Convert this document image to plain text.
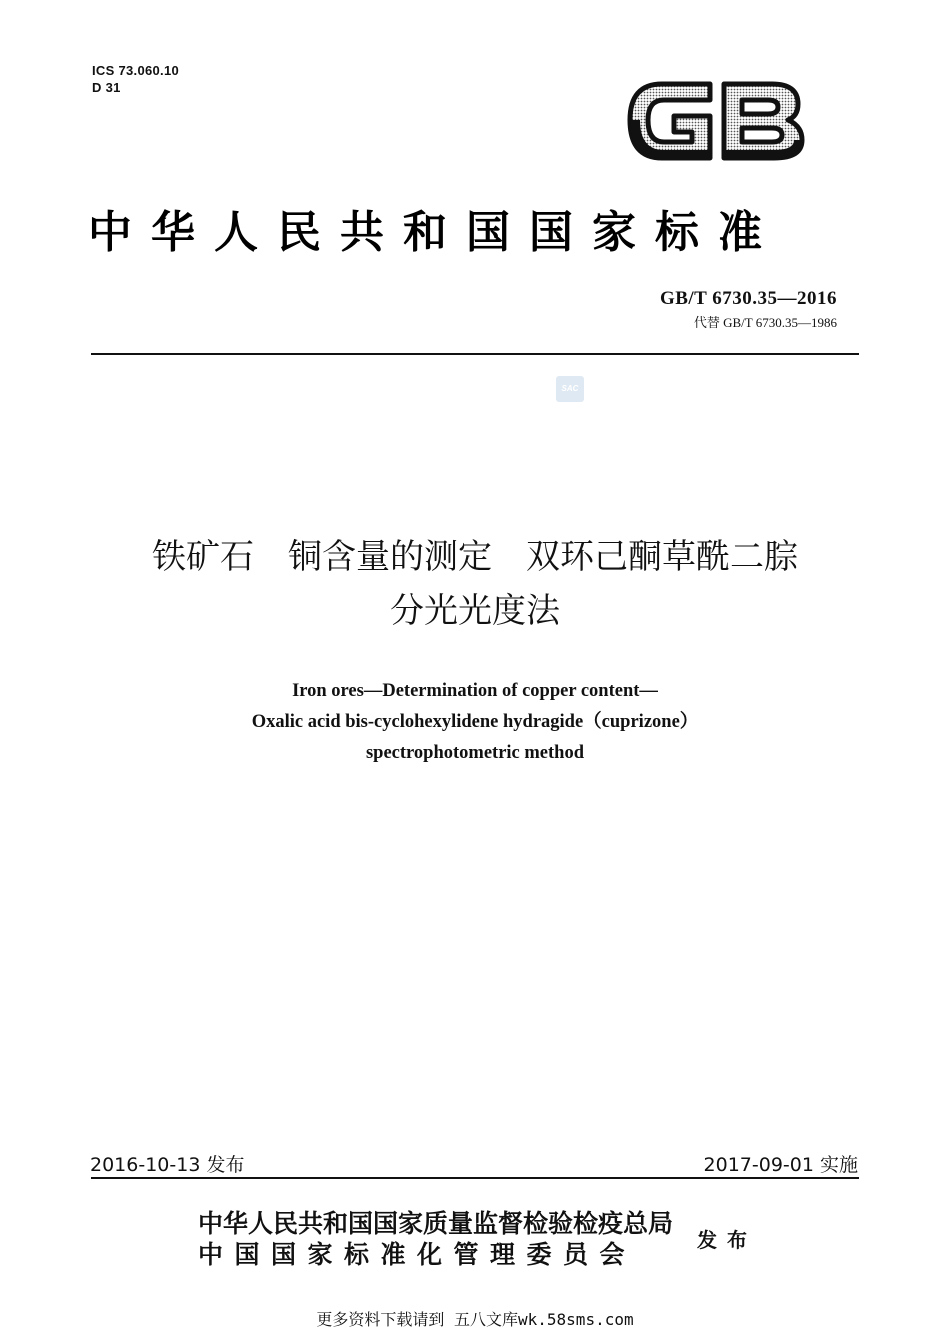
ICS 73.060.10
D 31
中华人民共和国国家标准
GB/T 6730.35—2016
代替 GB/T 6730.35—1986
SAC
铁矿石　铜含量的测定　双环己酮草酰二腙
分光光度法
Iron ores—Determination of copper content—
Oxalic acid bis-cyclohexylidene hydragide（cuprizone）
spectrophotometric method
2016-10-13 发布	2017-09-01 实施
中华人民共和国国家质量监督检验检疫总局
中国国家标准化管理委员会	发布
更多资料下载请到 五八文库wk.58sms.com
